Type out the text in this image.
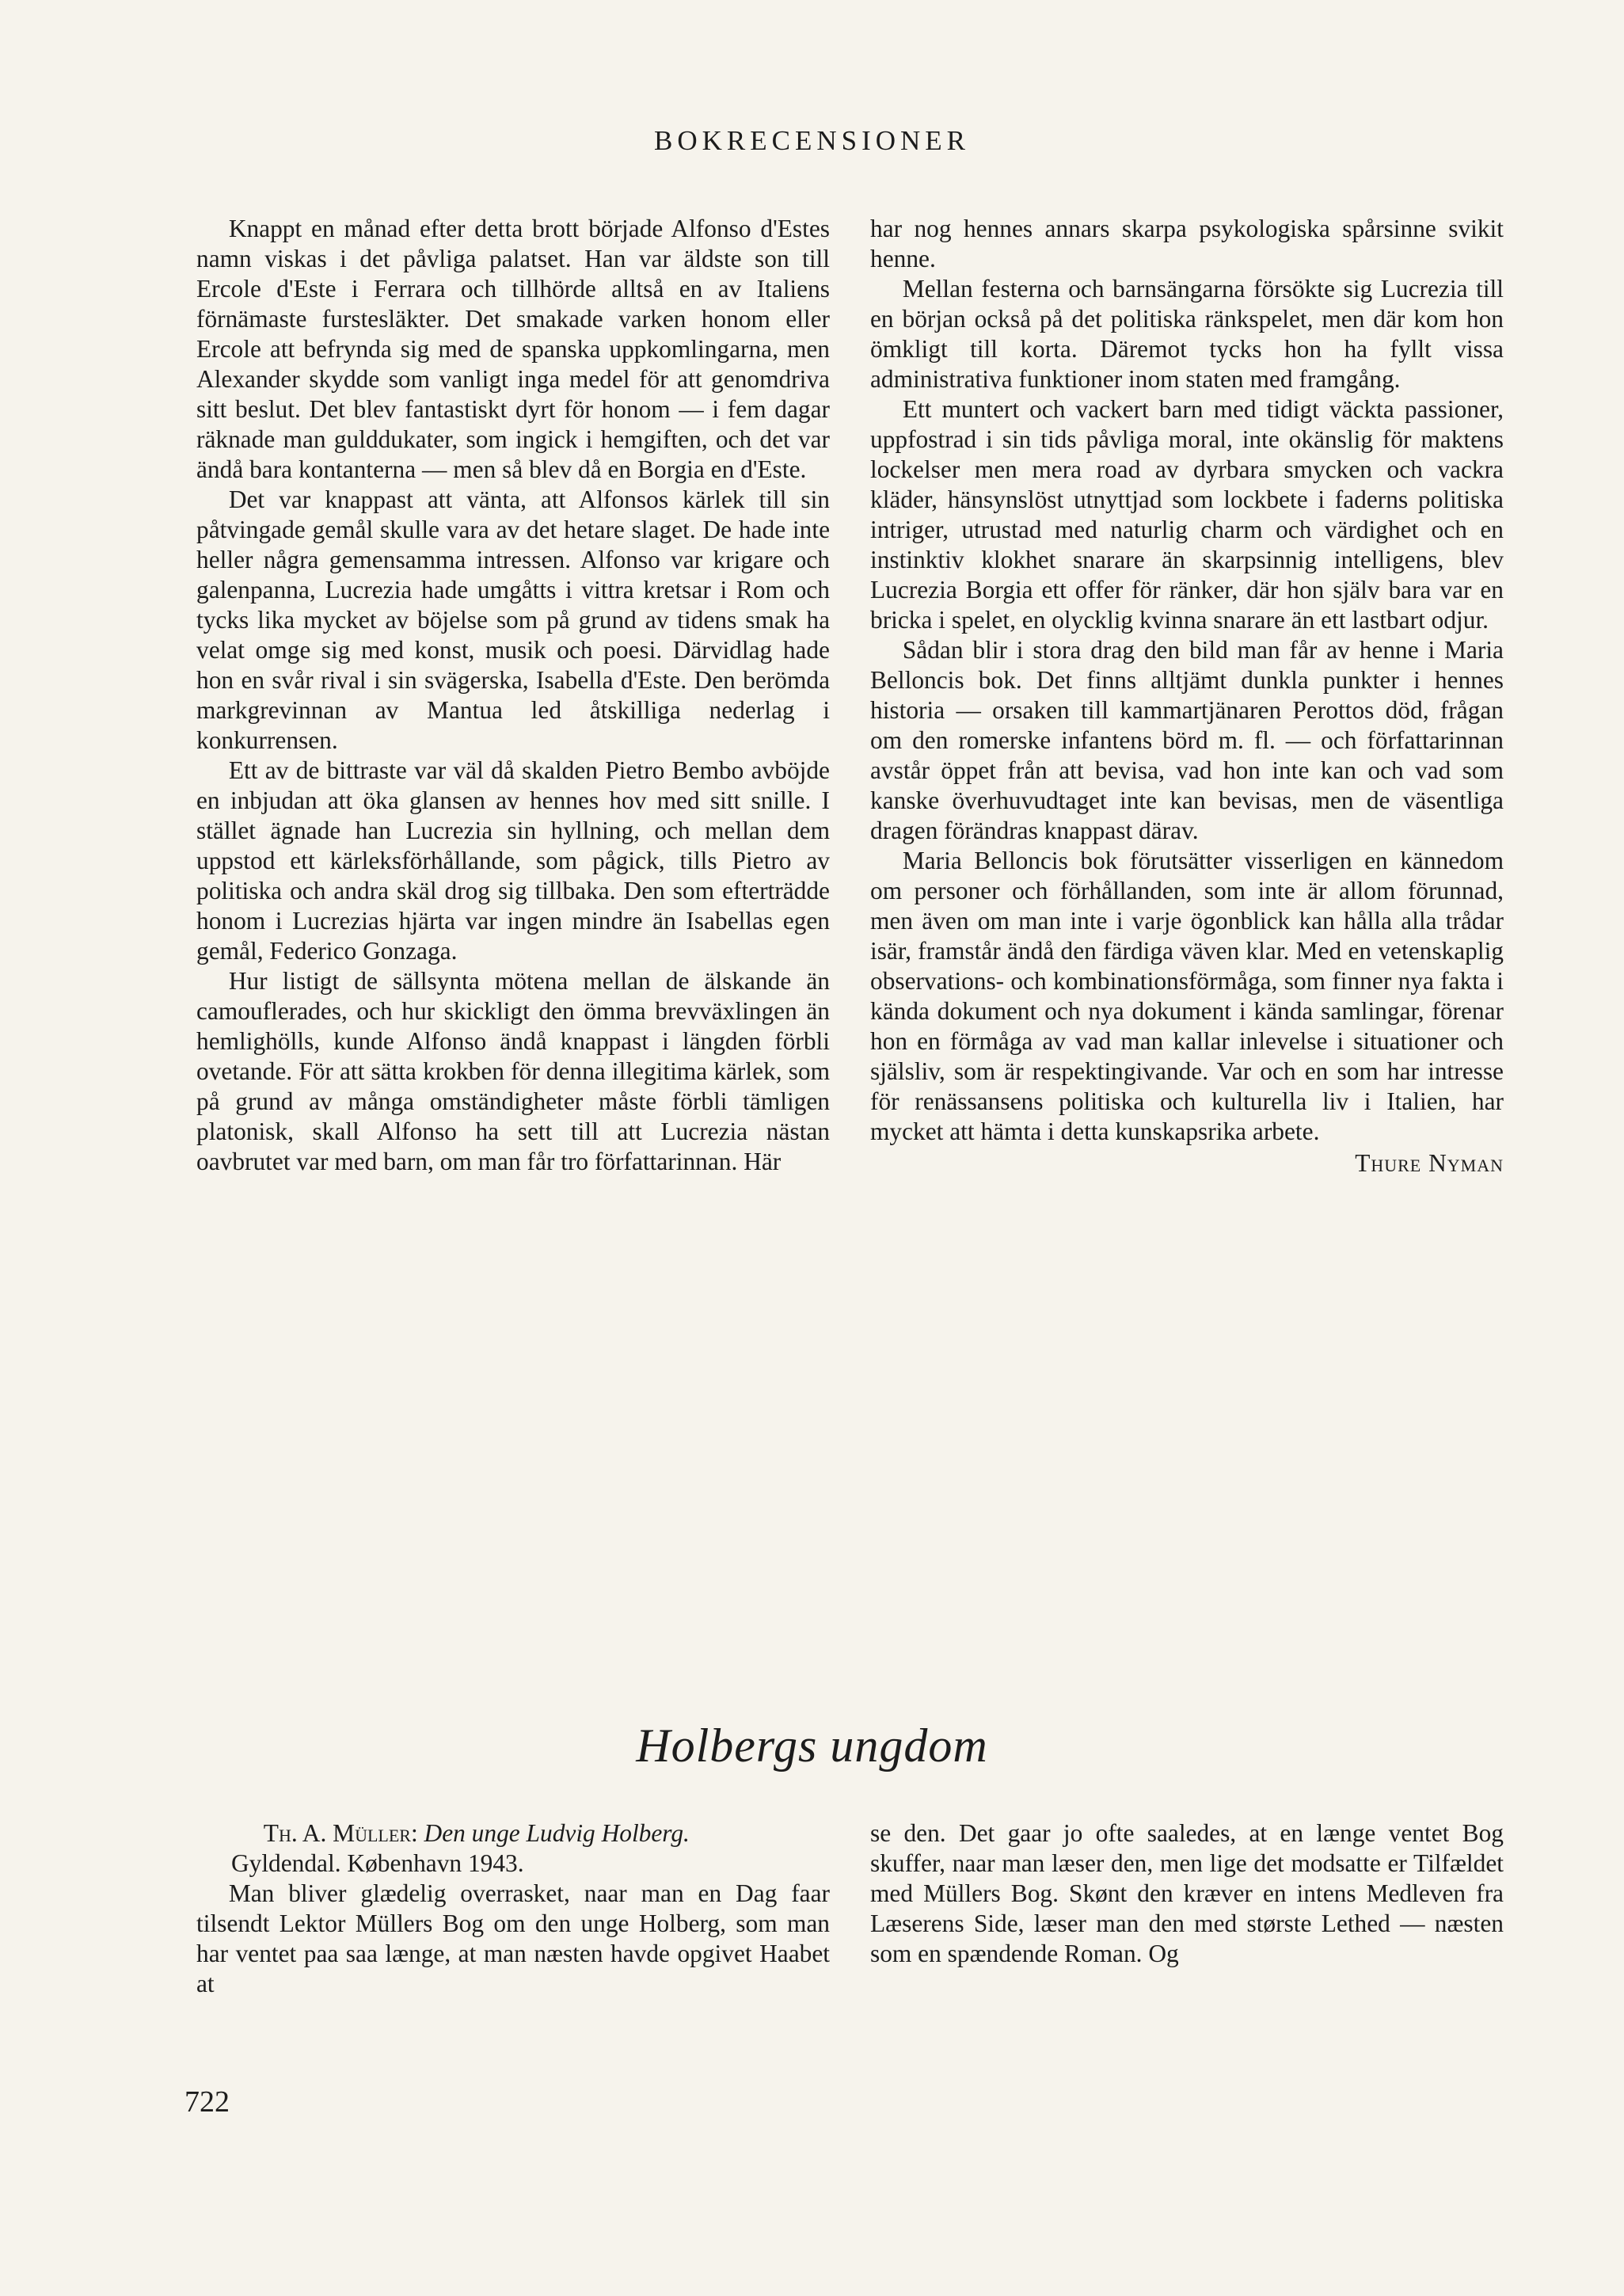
BOKRECENSIONER

Knappt en månad efter detta brott började Alfonso d'Estes namn viskas i det påvliga palatset. Han var äldste son till Ercole d'Este i Ferrara och tillhörde alltså en av Italiens förnämaste furstesläkter. Det smakade varken honom eller Ercole att befrynda sig med de spanska uppkomlingarna, men Alexander skydde som vanligt inga medel för att genomdriva sitt beslut. Det blev fantastiskt dyrt för honom — i fem dagar räknade man gulddukater, som ingick i hemgiften, och det var ändå bara kontanterna — men så blev då en Borgia en d'Este.

Det var knappast att vänta, att Alfonsos kärlek till sin påtvingade gemål skulle vara av det hetare slaget. De hade inte heller några gemensamma intressen. Alfonso var krigare och galenpanna, Lucrezia hade umgåtts i vittra kretsar i Rom och tycks lika mycket av böjelse som på grund av tidens smak ha velat omge sig med konst, musik och poesi. Därvidlag hade hon en svår rival i sin svägerska, Isabella d'Este. Den berömda markgrevinnan av Mantua led åtskilliga nederlag i konkurrensen.

Ett av de bittraste var väl då skalden Pietro Bembo avböjde en inbjudan att öka glansen av hennes hov med sitt snille. I stället ägnade han Lucrezia sin hyllning, och mellan dem uppstod ett kärleksförhållande, som pågick, tills Pietro av politiska och andra skäl drog sig tillbaka. Den som efterträdde honom i Lucrezias hjärta var ingen mindre än Isabellas egen gemål, Federico Gonzaga.

Hur listigt de sällsynta mötena mellan de älskande än camouflerades, och hur skickligt den ömma brevväxlingen än hemlighölls, kunde Alfonso ändå knappast i längden förbli ovetande. För att sätta krokben för denna illegitima kärlek, som på grund av många omständigheter måste förbli tämligen platonisk, skall Alfonso ha sett till att Lucrezia nästan oavbrutet var med barn, om man får tro författarinnan. Här

har nog hennes annars skarpa psykologiska spårsinne svikit henne.

Mellan festerna och barnsängarna försökte sig Lucrezia till en början också på det politiska ränkspelet, men där kom hon ömkligt till korta. Däremot tycks hon ha fyllt vissa administrativa funktioner inom staten med framgång.

Ett muntert och vackert barn med tidigt väckta passioner, uppfostrad i sin tids påvliga moral, inte okänslig för maktens lockelser men mera road av dyrbara smycken och vackra kläder, hänsynslöst utnyttjad som lockbete i faderns politiska intriger, utrustad med naturlig charm och värdighet och en instinktiv klokhet snarare än skarpsinnig intelligens, blev Lucrezia Borgia ett offer för ränker, där hon själv bara var en bricka i spelet, en olycklig kvinna snarare än ett lastbart odjur.

Sådan blir i stora drag den bild man får av henne i Maria Belloncis bok. Det finns alltjämt dunkla punkter i hennes historia — orsaken till kammartjänaren Perottos död, frågan om den romerske infantens börd m. fl. — och författarinnan avstår öppet från att bevisa, vad hon inte kan och vad som kanske överhuvudtaget inte kan bevisas, men de väsentliga dragen förändras knappast därav.

Maria Belloncis bok förutsätter visserligen en kännedom om personer och förhållanden, som inte är allom förunnad, men även om man inte i varje ögonblick kan hålla alla trådar isär, framstår ändå den färdiga väven klar. Med en vetenskaplig observations- och kombinationsförmåga, som finner nya fakta i kända dokument och nya dokument i kända samlingar, förenar hon en förmåga av vad man kallar inlevelse i situationer och själsliv, som är respektingivande. Var och en som har intresse för renässansens politiska och kulturella liv i Italien, har mycket att hämta i detta kunskapsrika arbete.

Thure Nyman
Holbergs ungdom

Th. A. Müller: Den unge Ludvig Holberg.
Gyldendal. København 1943.

Man bliver glædelig overrasket, naar man en Dag faar tilsendt Lektor Müllers Bog om den unge Holberg, som man har ventet paa saa længe, at man næsten havde opgivet Haabet at

se den. Det gaar jo ofte saaledes, at en længe ventet Bog skuffer, naar man læser den, men lige det modsatte er Tilfældet med Müllers Bog. Skønt den kræver en intens Medleven fra Læserens Side, læser man den med største Lethed — næsten som en spændende Roman. Og

722
